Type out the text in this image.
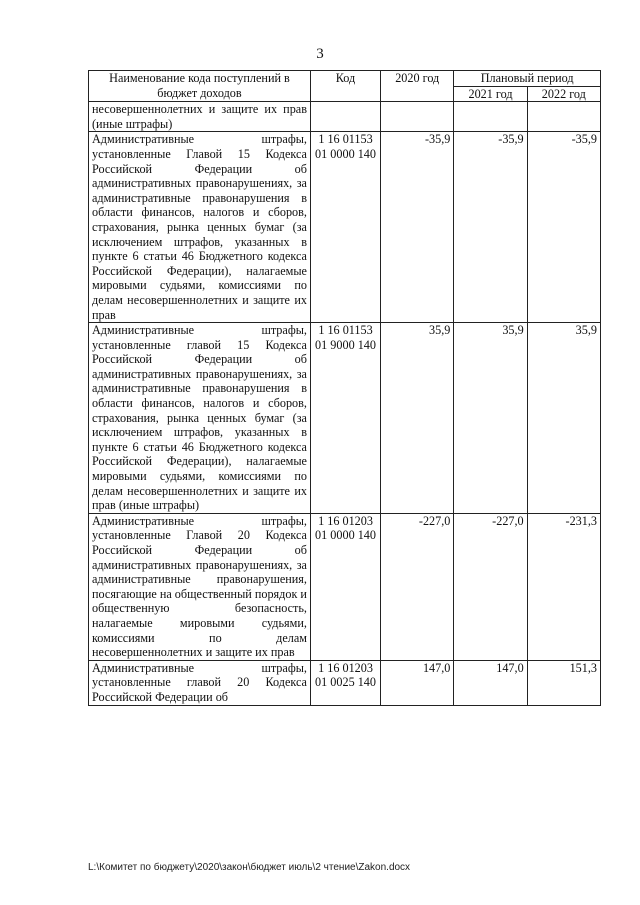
3
Наименование кода поступлений в бюджет доходов	Код	2020 год	Плановый период	
			2021 год	2022 год
несовершеннолетних и защите их прав (иные штрафы)				
Административные штрафы, установленные Главой 15 Кодекса Российской Федерации об административных правонарушениях, за административные правонарушения в области финансов, налогов и сборов, страхования, рынка ценных бумаг (за исключением штрафов, указанных в пункте 6 статьи 46 Бюджетного кодекса Российской Федерации), налагаемые мировыми судьями, комиссиями по делам несовершеннолетних и защите их прав	1 16 01153 01 0000 140	-35,9	-35,9	-35,9
Административные штрафы, установленные главой 15 Кодекса Российской Федерации об административных правонарушениях, за административные правонарушения в области финансов, налогов и сборов, страхования, рынка ценных бумаг (за исключением штрафов, указанных в пункте 6 статьи 46 Бюджетного кодекса Российской Федерации), налагаемые мировыми судьями, комиссиями по делам несовершеннолетних и защите их прав (иные штрафы)	1 16 01153 01 9000 140	35,9	35,9	35,9
Административные штрафы, установленные Главой 20 Кодекса Российской Федерации об административных правонарушениях, за административные правонарушения, посягающие на общественный порядок и общественную безопасность, налагаемые мировыми судьями, комиссиями по делам несовершеннолетних и защите их прав	1 16 01203 01 0000 140	-227,0	-227,0	-231,3
Административные штрафы, установленные главой 20 Кодекса Российской Федерации об	1 16 01203 01 0025 140	147,0	147,0	151,3
L:\Комитет по бюджету\2020\закон\бюджет июль\2 чтение\Zakon.docx
